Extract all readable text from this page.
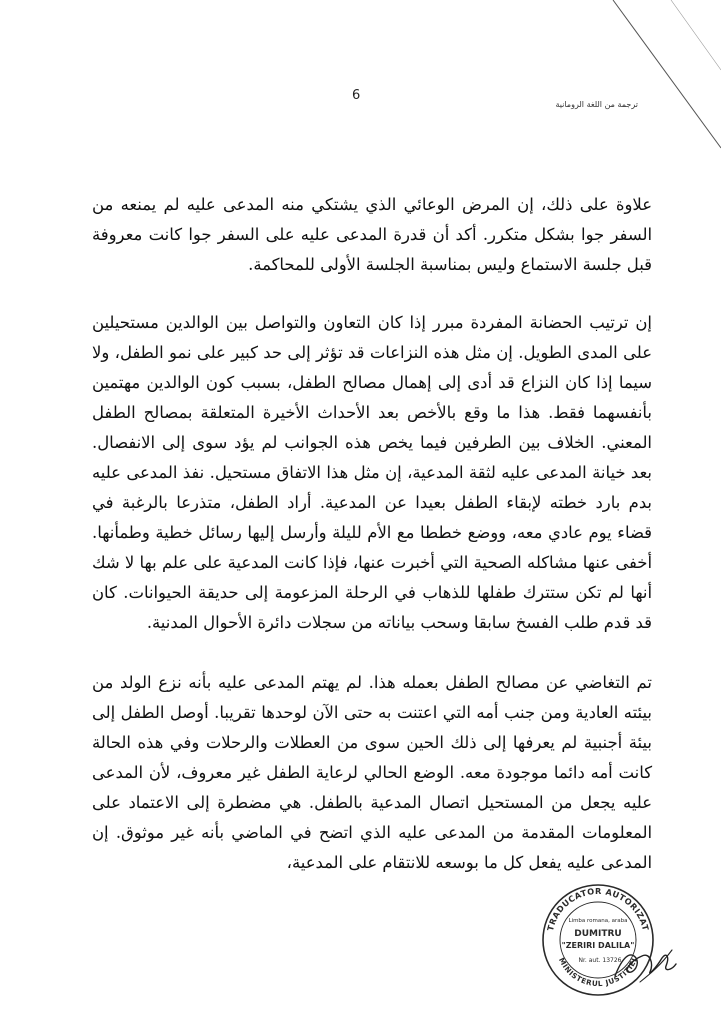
6
ترجمة من اللغة الرومانية

علاوة على ذلك، إن المرض الوعائي الذي يشتكي منه المدعى عليه لم يمنعه من السفر جوا بشكل متكرر. أكد أن قدرة المدعى عليه على السفر جوا كانت معروفة قبل جلسة الاستماع وليس بمناسبة الجلسة الأولى للمحاكمة.

إن ترتيب الحضانة المفردة مبرر إذا كان التعاون والتواصل بين الوالدين مستحيلين على المدى الطويل. إن مثل هذه النزاعات قد تؤثر إلى حد كبير على نمو الطفل، ولا سيما إذا كان النزاع قد أدى إلى إهمال مصالح الطفل، بسبب كون الوالدين مهتمين بأنفسهما فقط. هذا ما وقع بالأخص بعد الأحداث الأخيرة المتعلقة بمصالح الطفل المعني. الخلاف بين الطرفين فيما يخص هذه الجوانب لم يؤد سوى إلى الانفصال. بعد خيانة المدعى عليه لثقة المدعية، إن مثل هذا الاتفاق مستحيل. نفذ المدعى عليه بدم بارد خطته لإبقاء الطفل بعيدا عن المدعية. أراد الطفل، متذرعا بالرغبة في قضاء يوم عادي معه، ووضع خططا مع الأم لليلة وأرسل إليها رسائل خطية وطمأنها. أخفى عنها مشاكله الصحية التي أخبرت عنها، فإذا كانت المدعية على علم بها لا شك أنها لم تكن ستترك طفلها للذهاب في الرحلة المزعومة إلى حديقة الحيوانات. كان قد قدم طلب الفسخ سابقا وسحب بياناته من سجلات دائرة الأحوال المدنية.

تم التغاضي عن مصالح الطفل بعمله هذا. لم يهتم المدعى عليه بأنه نزع الولد من بيئته العادية ومن جنب أمه التي اعتنت به حتى الآن لوحدها تقريبا. أوصل الطفل إلى بيئة أجنبية لم يعرفها إلى ذلك الحين سوى من العطلات والرحلات وفي هذه الحالة كانت أمه دائما موجودة معه. الوضع الحالي لرعاية الطفل غير معروف، لأن المدعى عليه يجعل من المستحيل اتصال المدعية بالطفل. هي مضطرة إلى الاعتماد على المعلومات المقدمة من المدعى عليه الذي اتضح في الماضي بأنه غير موثوق. إن المدعى عليه يفعل كل ما بوسعه للانتقام على المدعية،

TRADUCATOR AUTORIZAT
MINISTERUL JUSTITIEI
Limba romana, araba
DUMITRU
"ZERIRI DALILA"
Nr. aut. 13726
